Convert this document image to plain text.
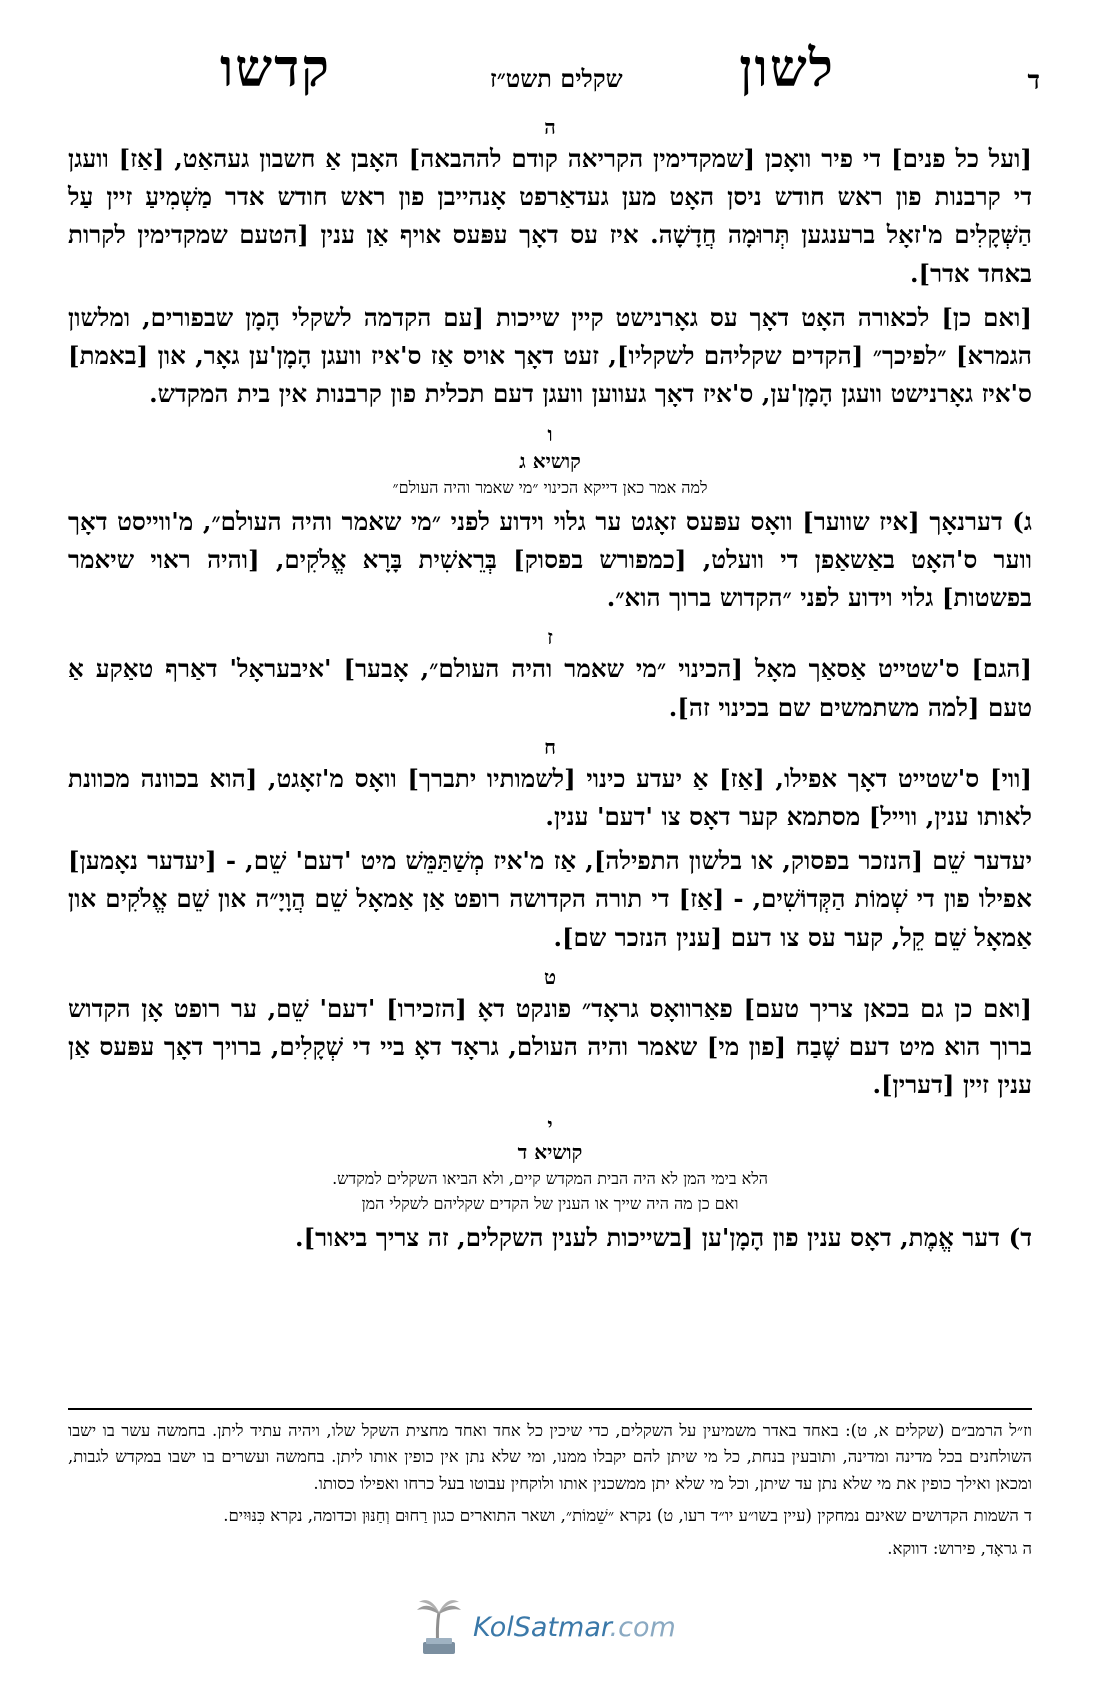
ד
לשון
שקלים תשט״ז
קדשו
ה

[ועל כל פנים] די פיר וואָכן [שמקדימין הקריאה קודם לההבאה] האָבן אַ חשבון געהאַט, [אַז] וועגן די קרבנות פון ראש חודש ניסן האָט מען געדאַרפט אָנהייבן פון ראש חודש אדר מַשְׁמִיעַ זיין עַל הַשְּׁקָלִים מ'זאָל ברענגען תְּרוּמָה חֲדָשָׁה. איז עס דאָך עפּעס אויף אַן ענין [הטעם שמקדימין לקרות באחד אדר].

[ואם כן] לכאורה האָט דאָך עס גאָרנישט קיין שייכות [עם הקדמה לשקלי הָמָן שבפורים, ומלשון הגמרא] ״לפיכך״ [הקדים שקליהם לשקליו], זעט דאָך אויס אַז ס'איז וועגן הָמָן'ען גאָר, און [באמת] ס'איז גאָרנישט וועגן הָמָן'ען, ס'איז דאָך געווען וועגן דעם תכלית פון קרבנות אין בית המקדש.

ו
קושיא ג
למה אמר כאן דייקא הכינוי ״מי שאמר והיה העולם״

ג) דערנאָך [איז שווער] וואָס עפּעס זאָגט ער גלוי וידוע לפני ״מי שאמר והיה העולם״, מ'ווייסט דאָך ווער ס'האָט באַשאַפן די וועלט, [כמפורש בפסוק] בְּרֵאשִׁית בָּרָא אֱלֹקִים, [והיה ראוי שיאמר בפשטות] גלוי וידוע לפני ״הקדוש ברוך הוא״.

ז

[הגם] ס'שטייט אַסאַך מאָל [הכינוי ״מי שאמר והיה העולם״, אָבער] 'איבעראָל' דאַרף טאַקע אַ טעם [למה משתמשים שם בכינוי זה].

ח

[ווי] ס'שטייט דאָך אפילו, [אַז] אַ יעדע כינוי [לשמותיו יתברך] וואָס מ'זאָגט, [הוא בכוונה מכוונת לאותו ענין, ווייל] מסתמא קער דאָס צו 'דעם' ענין.

יעדער שֵׁם [הנזכר בפסוק, או בלשון התפילה], אַז מ'איז מְשַׁתַּמֵּשׁ מיט 'דעם' שֵׁם, - [יעדער נאָמען] אפילו פון די שְׁמוֹת הַקְּדוֹשִׁים, - [אַז] די תורה הקדושה רופט אַן אַמאָל שֵׁם הֲוָיָ״ה און שֵׁם אֱלֹקִים און אַמאָל שֵׁם קֵל, קער עס צו דעם [ענין הנזכר שם].

ט

[ואם כן גם בכאן צריך טעם] פאַרוואָס גראָד״ פונקט דאָ [הזכירו] 'דעם' שֵׁם, ער רופט אָן הקדוש ברוך הוא מיט דעם שֶׁבַח [פון מי] שאמר והיה העולם, גראָד דאָ ביי די שְׁקָלִים, ברויך דאָך עפּעס אַן ענין זיין [דערין].

י
קושיא ד
הלא בימי המן לא היה הבית המקדש קיים, ולא הביאו השקלים למקדש.
ואם כן מה היה שייך או הענין של הקדים שקליהם לשקלי המן

ד) דער אֱמֶת, דאָס ענין פון הָמָן'ען [בשייכות לענין השקלים, זה צריך ביאור].

וז״ל הרמב״ם (שקלים א, ט): באחד באדר משמיעין על השקלים, כדי שיכין כל אחד ואחד מחצית השקל שלו, ויהיה עתיד ליתן. בחמשה עשר בו ישבו השולחנים בכל מדינה ומדינה, ותובעין בנחת, כל מי שיתן להם יקבלו ממנו, ומי שלא נתן אין כופין אותו ליתן. בחמשה ועשרים בו ישבו במקדש לגבות, ומכאן ואילך כופין את מי שלא נתן עד שיתן, וכל מי שלא יתן ממשכנין אותו ולוקחין עבוטו בעל כרחו ואפילו כסותו.

ד השמות הקדושים שאינם נמחקין (עיין בשו״ע יו״ד רעו, ט) נקרא ״שֵׁמוֹת״, ושאר התוארים כגון רַחוּם וְחַנּוּן וכדומה, נקרא כִּנּוּיִים.

ה גראָד, פירוש: דווקא.

KolSatmar.com
